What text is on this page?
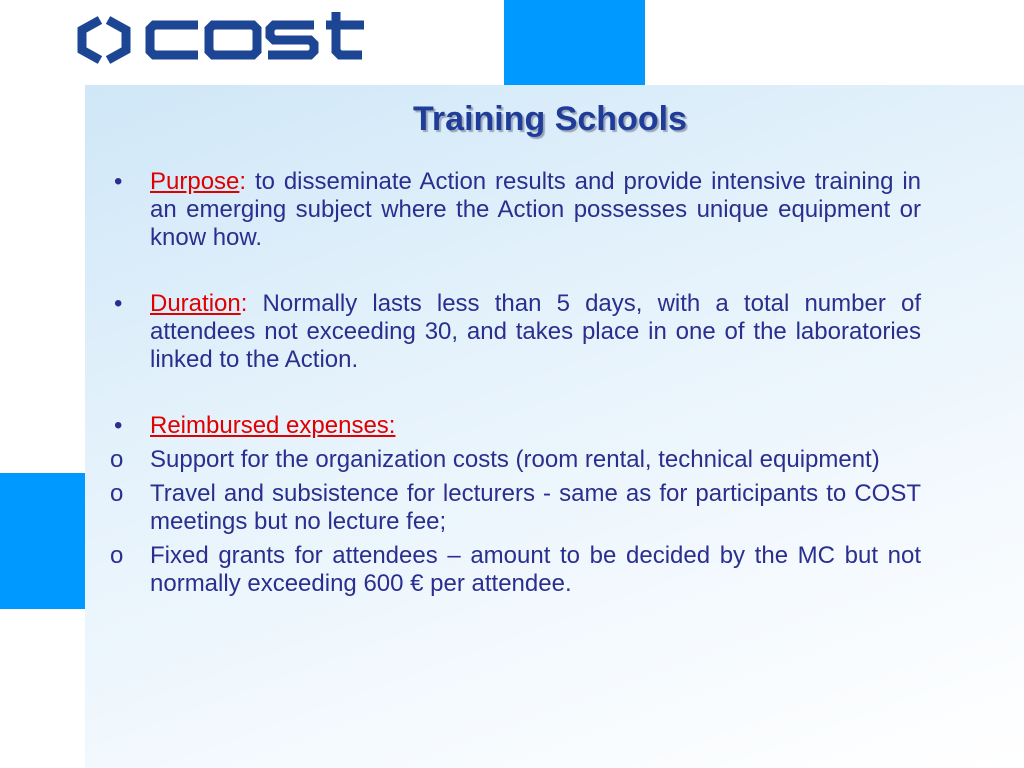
Training Schools
•	Purpose: to disseminate Action results and provide intensive training in an emerging subject where the Action possesses unique equipment or know how.
•	Duration: Normally lasts less than 5 days, with a total number of attendees not exceeding 30, and takes place in one of the laboratories linked to the Action.
•	Reimbursed expenses:
o	Support for the organization costs (room rental, technical equipment)
o	Travel and subsistence for lecturers - same as for participants to COST meetings but no lecture fee;
o	Fixed grants for attendees – amount to be decided by the MC but not normally exceeding 600 € per attendee.
